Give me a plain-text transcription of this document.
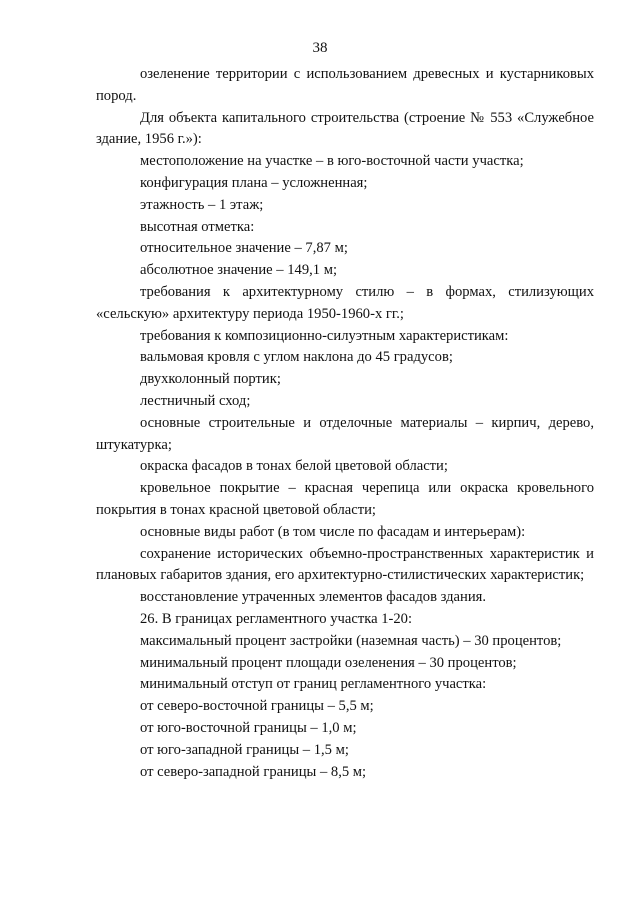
38

озеленение территории с использованием древесных и кустарниковых пород.

Для объекта капитального строительства (строение № 553 «Служебное здание, 1956 г.»):

местоположение на участке – в юго-восточной части участка;

конфигурация плана – усложненная;

этажность – 1 этаж;

высотная отметка:

относительное значение – 7,87 м;

абсолютное значение – 149,1 м;

требования к архитектурному стилю – в формах, стилизующих «сельскую» архитектуру периода 1950-1960-х гг.;

требования к композиционно-силуэтным характеристикам:

вальмовая кровля с углом наклона до 45 градусов;

двухколонный портик;

лестничный сход;

основные строительные и отделочные материалы – кирпич, дерево, штукатурка;

окраска фасадов в тонах белой цветовой области;

кровельное покрытие – красная черепица или окраска кровельного покрытия в тонах красной цветовой области;

основные виды работ (в том числе по фасадам и интерьерам):

сохранение исторических объемно-пространственных характеристик и плановых габаритов здания, его архитектурно-стилистических характеристик;

восстановление утраченных элементов фасадов здания.

26. В границах регламентного участка 1-20:

максимальный процент застройки (наземная часть) – 30 процентов;

минимальный процент площади озеленения – 30 процентов;

минимальный отступ от границ регламентного участка:

от северо-восточной границы – 5,5 м;

от юго-восточной границы – 1,0 м;

от юго-западной границы – 1,5 м;

от северо-западной границы – 8,5 м;
